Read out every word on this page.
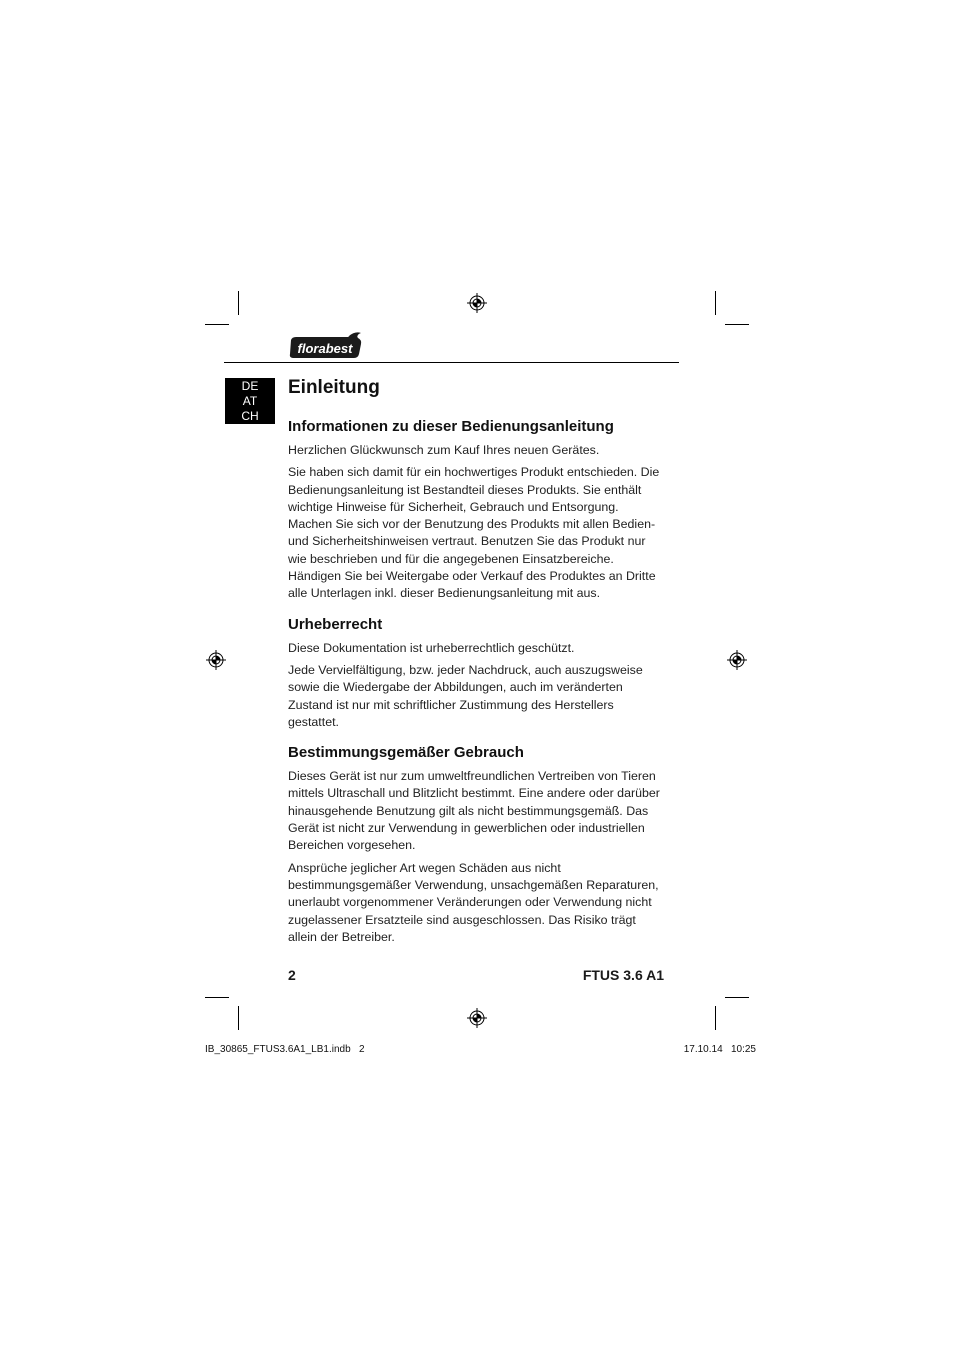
florabest
DE
AT
CH
Einleitung
Informationen zu dieser Bedienungsanleitung

Herzlichen Glückwunsch zum Kauf Ihres neuen Gerätes.

Sie haben sich damit für ein hochwertiges Produkt entschieden. Die Bedienungsanleitung ist Bestandteil dieses Produkts. Sie enthält wichtige Hinweise für Sicherheit, Gebrauch und Entsorgung. Machen Sie sich vor der Benutzung des Produkts mit allen Bedien- und Sicherheitshinweisen vertraut. Benutzen Sie das Produkt nur wie beschrieben und für die angegebenen Einsatzbereiche. Händigen Sie bei Weitergabe oder Verkauf des Produktes an Dritte alle Unterlagen inkl. dieser Bedienungsanleitung mit aus.

Urheberrecht

Diese Dokumentation ist urheberrechtlich geschützt.

Jede Vervielfältigung, bzw. jeder Nachdruck, auch auszugsweise sowie die Wiedergabe der Abbildungen, auch im veränderten Zustand ist nur mit schriftlicher Zustimmung des Herstellers gestattet.

Bestimmungsgemäßer Gebrauch

Dieses Gerät ist nur zum umweltfreundlichen Vertreiben von Tieren mittels Ultraschall und Blitzlicht bestimmt. Eine andere oder darüber hinausgehende Benutzung gilt als nicht bestimmungsgemäß. Das Gerät ist nicht zur Verwendung in gewerblichen oder industriellen Bereichen vorgesehen.

Ansprüche jeglicher Art wegen Schäden aus nicht bestimmungsgemäßer Verwendung, unsachgemäßen Reparaturen, unerlaubt vorgenommener Veränderungen oder Verwendung nicht zugelassener Ersatzteile sind ausgeschlossen. Das Risiko trägt allein der Betreiber.

2	FTUS 3.6 A1
IB_30865_FTUS3.6A1_LB1.indb   2	17.10.14   10:25
